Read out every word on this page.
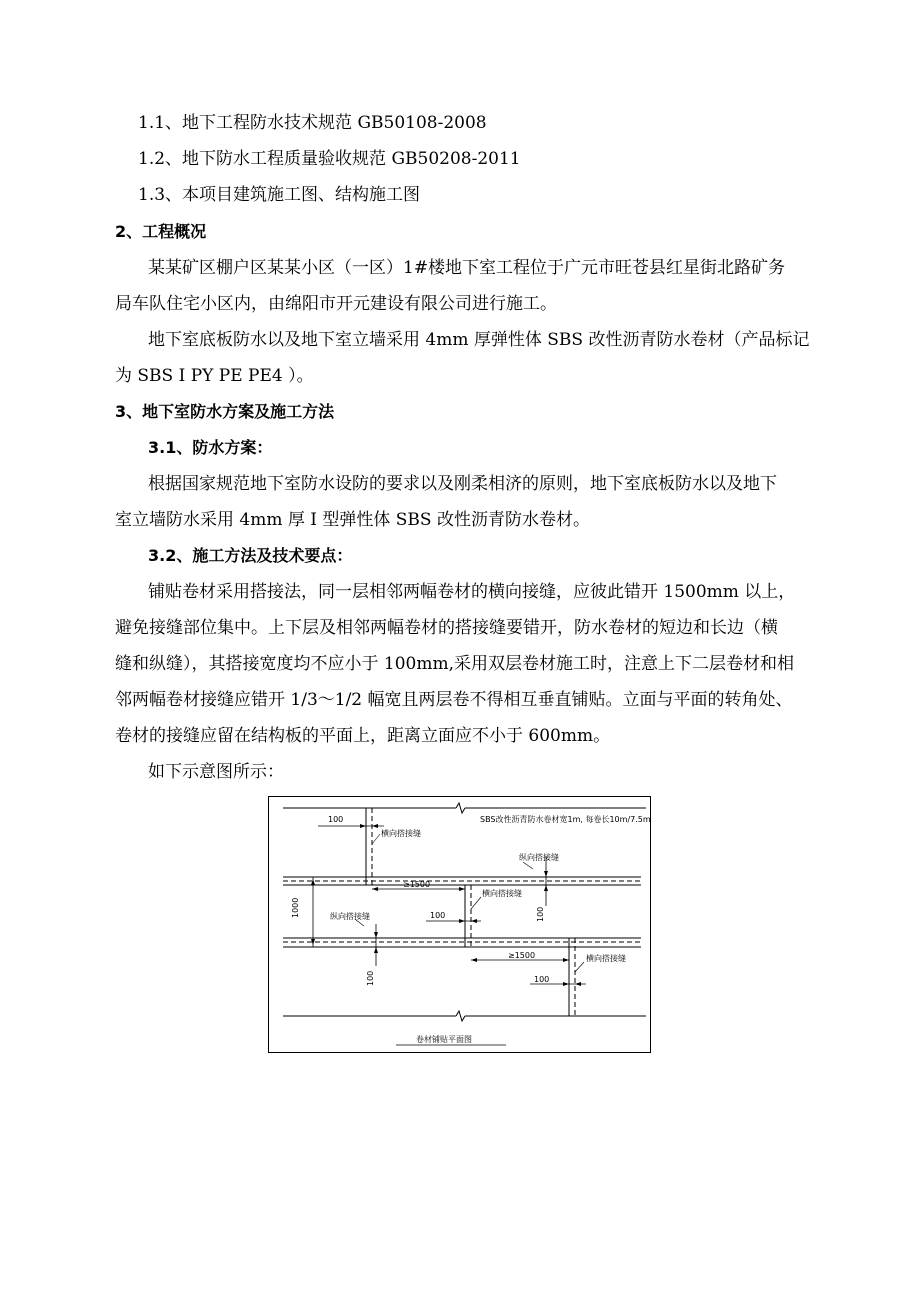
1.1、地下工程防水技术规范 GB50108-2008
1.2、地下防水工程质量验收规范 GB50208-2011
1.3、本项目建筑施工图、结构施工图
2、工程概况
某某矿区棚户区某某小区（一区）1#楼地下室工程位于广元市旺苍县红星街北路矿务
局车队住宅小区内，由绵阳市开元建设有限公司进行施工。
地下室底板防水以及地下室立墙采用 4mm 厚弹性体 SBS 改性沥青防水卷材（产品标记
为 SBS I PY PE PE4 ）。
3、地下室防水方案及施工方法
3.1、防水方案：
根据国家规范地下室防水设防的要求以及刚柔相济的原则，地下室底板防水以及地下
室立墙防水采用 4mm 厚 I 型弹性体 SBS 改性沥青防水卷材。
3.2、施工方法及技术要点：
铺贴卷材采用搭接法，同一层相邻两幅卷材的横向接缝，应彼此错开 1500mm 以上，
避免接缝部位集中。上下层及相邻两幅卷材的搭接缝要错开，防水卷材的短边和长边（横
缝和纵缝），其搭接宽度均不应小于 100mm,采用双层卷材施工时，注意上下二层卷材和相
邻两幅卷材接缝应错开 1/3～1/2 幅宽且两层卷不得相互垂直铺贴。立面与平面的转角处、
卷材的接缝应留在结构板的平面上，距离立面应不小于 600mm。
如下示意图所示：
100
横向搭接缝
SBS改性沥青防水卷材宽1m, 每卷长10m/7.5m
≥1500
横向搭接缝
100
1000
纵向搭接缝
100
纵向搭接缝
100
≥1500	横向搭接缝
100
卷材铺贴平面图
